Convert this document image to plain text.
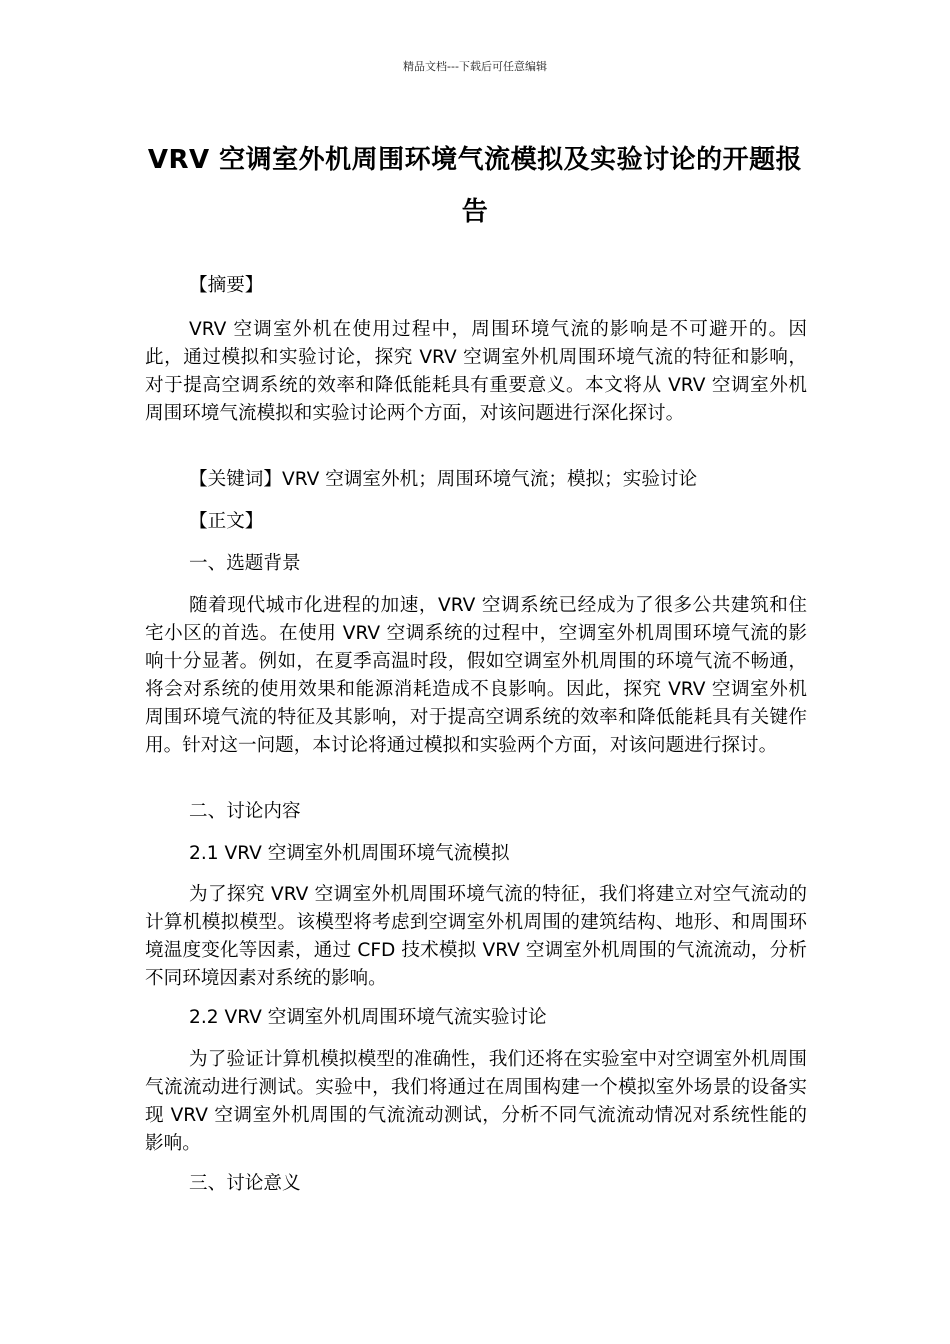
精品文档---下载后可任意编辑
VRV 空调室外机周围环境气流模拟及实验讨论的开题报告
【摘要】
VRV 空调室外机在使用过程中，周围环境气流的影响是不可避开的。因此，通过模拟和实验讨论，探究 VRV 空调室外机周围环境气流的特征和影响，对于提高空调系统的效率和降低能耗具有重要意义。本文将从 VRV 空调室外机周围环境气流模拟和实验讨论两个方面，对该问题进行深化探讨。
【关键词】VRV 空调室外机；周围环境气流；模拟；实验讨论
【正文】
一、选题背景
随着现代城市化进程的加速，VRV 空调系统已经成为了很多公共建筑和住宅小区的首选。在使用 VRV 空调系统的过程中，空调室外机周围环境气流的影响十分显著。例如，在夏季高温时段，假如空调室外机周围的环境气流不畅通，将会对系统的使用效果和能源消耗造成不良影响。因此，探究 VRV 空调室外机周围环境气流的特征及其影响，对于提高空调系统的效率和降低能耗具有关键作用。针对这一问题，本讨论将通过模拟和实验两个方面，对该问题进行探讨。
二、讨论内容
2.1 VRV 空调室外机周围环境气流模拟
为了探究 VRV 空调室外机周围环境气流的特征，我们将建立对空气流动的计算机模拟模型。该模型将考虑到空调室外机周围的建筑结构、地形、和周围环境温度变化等因素，通过 CFD 技术模拟 VRV 空调室外机周围的气流流动，分析不同环境因素对系统的影响。
2.2 VRV 空调室外机周围环境气流实验讨论
为了验证计算机模拟模型的准确性，我们还将在实验室中对空调室外机周围气流流动进行测试。实验中，我们将通过在周围构建一个模拟室外场景的设备实现 VRV 空调室外机周围的气流流动测试，分析不同气流流动情况对系统性能的影响。
三、讨论意义
